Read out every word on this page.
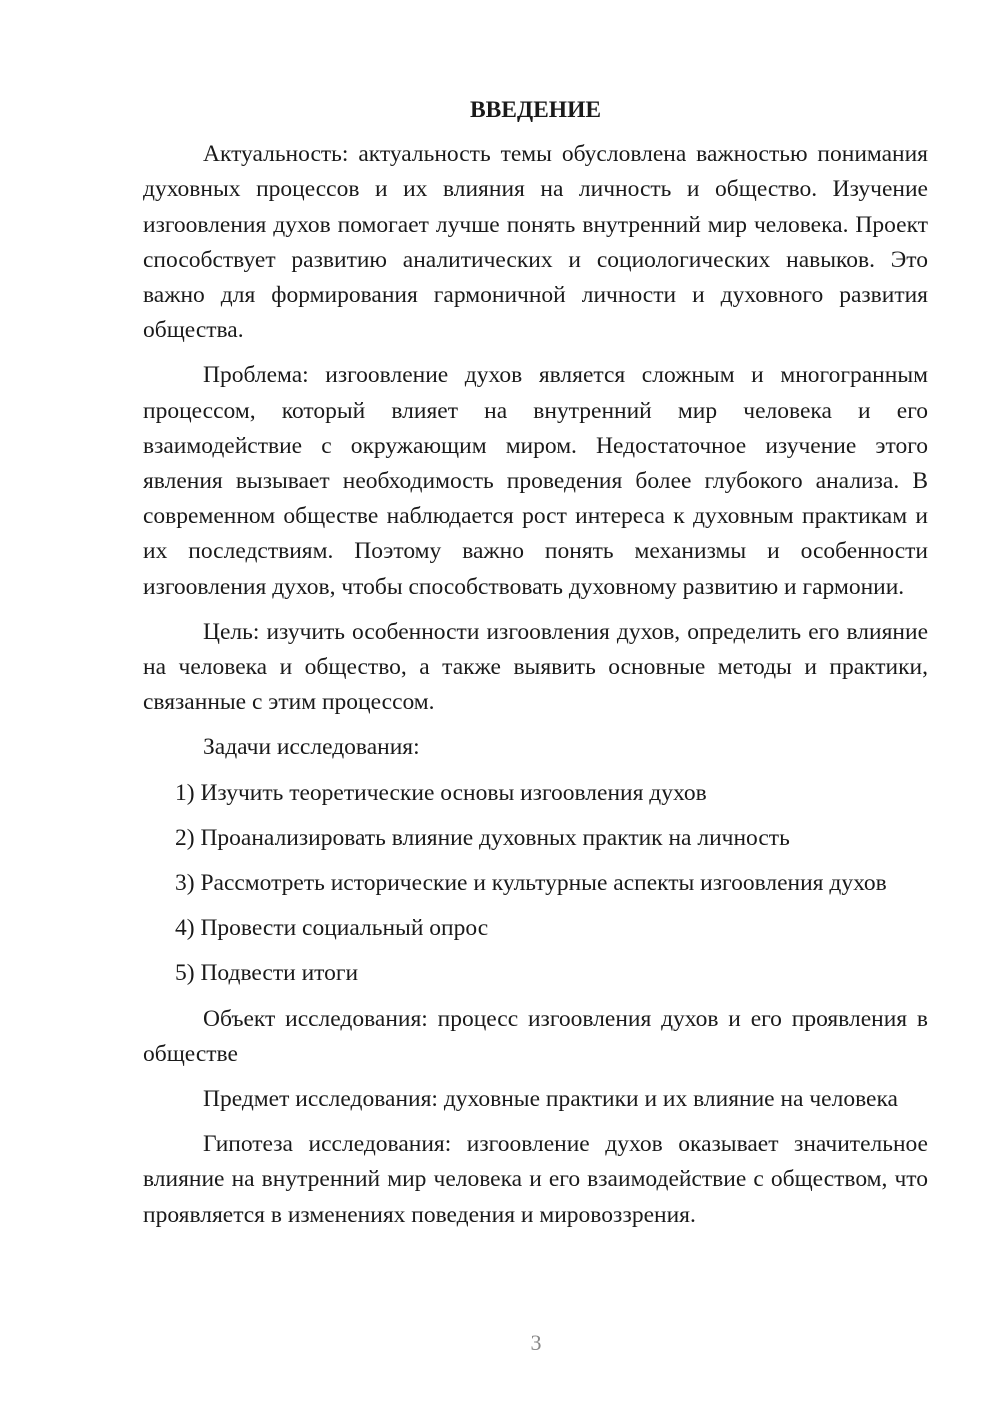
ВВЕДЕНИЕ

Актуальность: актуальность темы обусловлена важностью понимания духовных процессов и их влияния на личность и общество. Изучение изгоовления духов помогает лучше понять внутренний мир человека. Проект способствует развитию аналитических и социологических навыков. Это важно для формирования гармоничной личности и духовного развития общества.

Проблема: изгоовление духов является сложным и многогранным процессом, который влияет на внутренний мир человека и его взаимодействие с окружающим миром. Недостаточное изучение этого явления вызывает необходимость проведения более глубокого анализа. В современном обществе наблюдается рост интереса к духовным практикам и их последствиям. Поэтому важно понять механизмы и особенности изгоовления духов, чтобы способствовать духовному развитию и гармонии.

Цель: изучить особенности изгоовления духов, определить его влияние на человека и общество, а также выявить основные методы и практики, связанные с этим процессом.

Задачи исследования:

1) Изучить теоретические основы изгоовления духов
2) Проанализировать влияние духовных практик на личность
3) Рассмотреть исторические и культурные аспекты изгоовления духов
4) Провести социальный опрос
5) Подвести итоги

Объект исследования: процесс изгоовления духов и его проявления в обществе

Предмет исследования: духовные практики и их влияние на человека

Гипотеза исследования: изгоовление духов оказывает значительное влияние на внутренний мир человека и его взаимодействие с обществом, что проявляется в изменениях поведения и мировоззрения.

3
